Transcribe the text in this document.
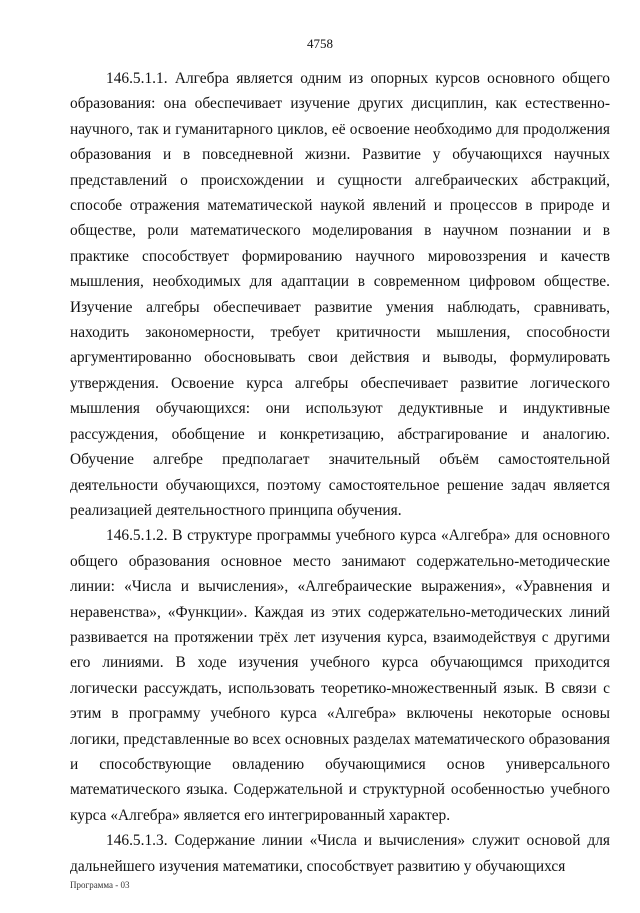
4758

146.5.1.1. Алгебра является одним из опорных курсов основного общего образования: она обеспечивает изучение других дисциплин, как естественно-научного, так и гуманитарного циклов, её освоение необходимо для продолжения образования и в повседневной жизни. Развитие у обучающихся научных представлений о происхождении и сущности алгебраических абстракций, способе отражения математической наукой явлений и процессов в природе и обществе, роли математического моделирования в научном познании и в практике способствует формированию научного мировоззрения и качеств мышления, необходимых для адаптации в современном цифровом обществе. Изучение алгебры обеспечивает развитие умения наблюдать, сравнивать, находить закономерности, требует критичности мышления, способности аргументированно обосновывать свои действия и выводы, формулировать утверждения. Освоение курса алгебры обеспечивает развитие логического мышления обучающихся: они используют дедуктивные и индуктивные рассуждения, обобщение и конкретизацию, абстрагирование и аналогию. Обучение алгебре предполагает значительный объём самостоятельной деятельности обучающихся, поэтому самостоятельное решение задач является реализацией деятельностного принципа обучения.

146.5.1.2. В структуре программы учебного курса «Алгебра» для основного общего образования основное место занимают содержательно-методические линии: «Числа и вычисления», «Алгебраические выражения», «Уравнения и неравенства», «Функции». Каждая из этих содержательно-методических линий развивается на протяжении трёх лет изучения курса, взаимодействуя с другими его линиями. В ходе изучения учебного курса обучающимся приходится логически рассуждать, использовать теоретико-множественный язык. В связи с этим в программу учебного курса «Алгебра» включены некоторые основы логики, представленные во всех основных разделах математического образования и способствующие овладению обучающимися основ универсального математического языка. Содержательной и структурной особенностью учебного курса «Алгебра» является его интегрированный характер.

146.5.1.3. Содержание линии «Числа и вычисления» служит основой для дальнейшего изучения математики, способствует развитию у обучающихся

Программа - 03
